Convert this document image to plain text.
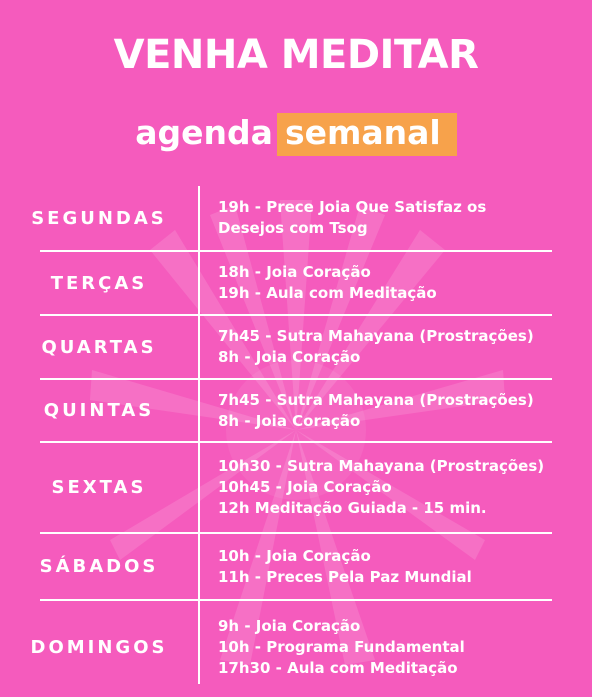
VENHA MEDITAR
agenda semanal
SEGUNDAS
19h - Prece Joia Que Satisfaz os
Desejos com Tsog
TERÇAS
18h - Joia Coração
19h - Aula com Meditação
QUARTAS
7h45 - Sutra Mahayana (Prostrações)
8h - Joia Coração
QUINTAS
7h45 - Sutra Mahayana (Prostrações)
8h - Joia Coração
SEXTAS
10h30 - Sutra Mahayana (Prostrações)
10h45 - Joia Coração
12h Meditação Guiada - 15 min.
SÁBADOS
10h - Joia Coração
11h - Preces Pela Paz Mundial
DOMINGOS
9h - Joia Coração
10h - Programa Fundamental
17h30 - Aula com Meditação
